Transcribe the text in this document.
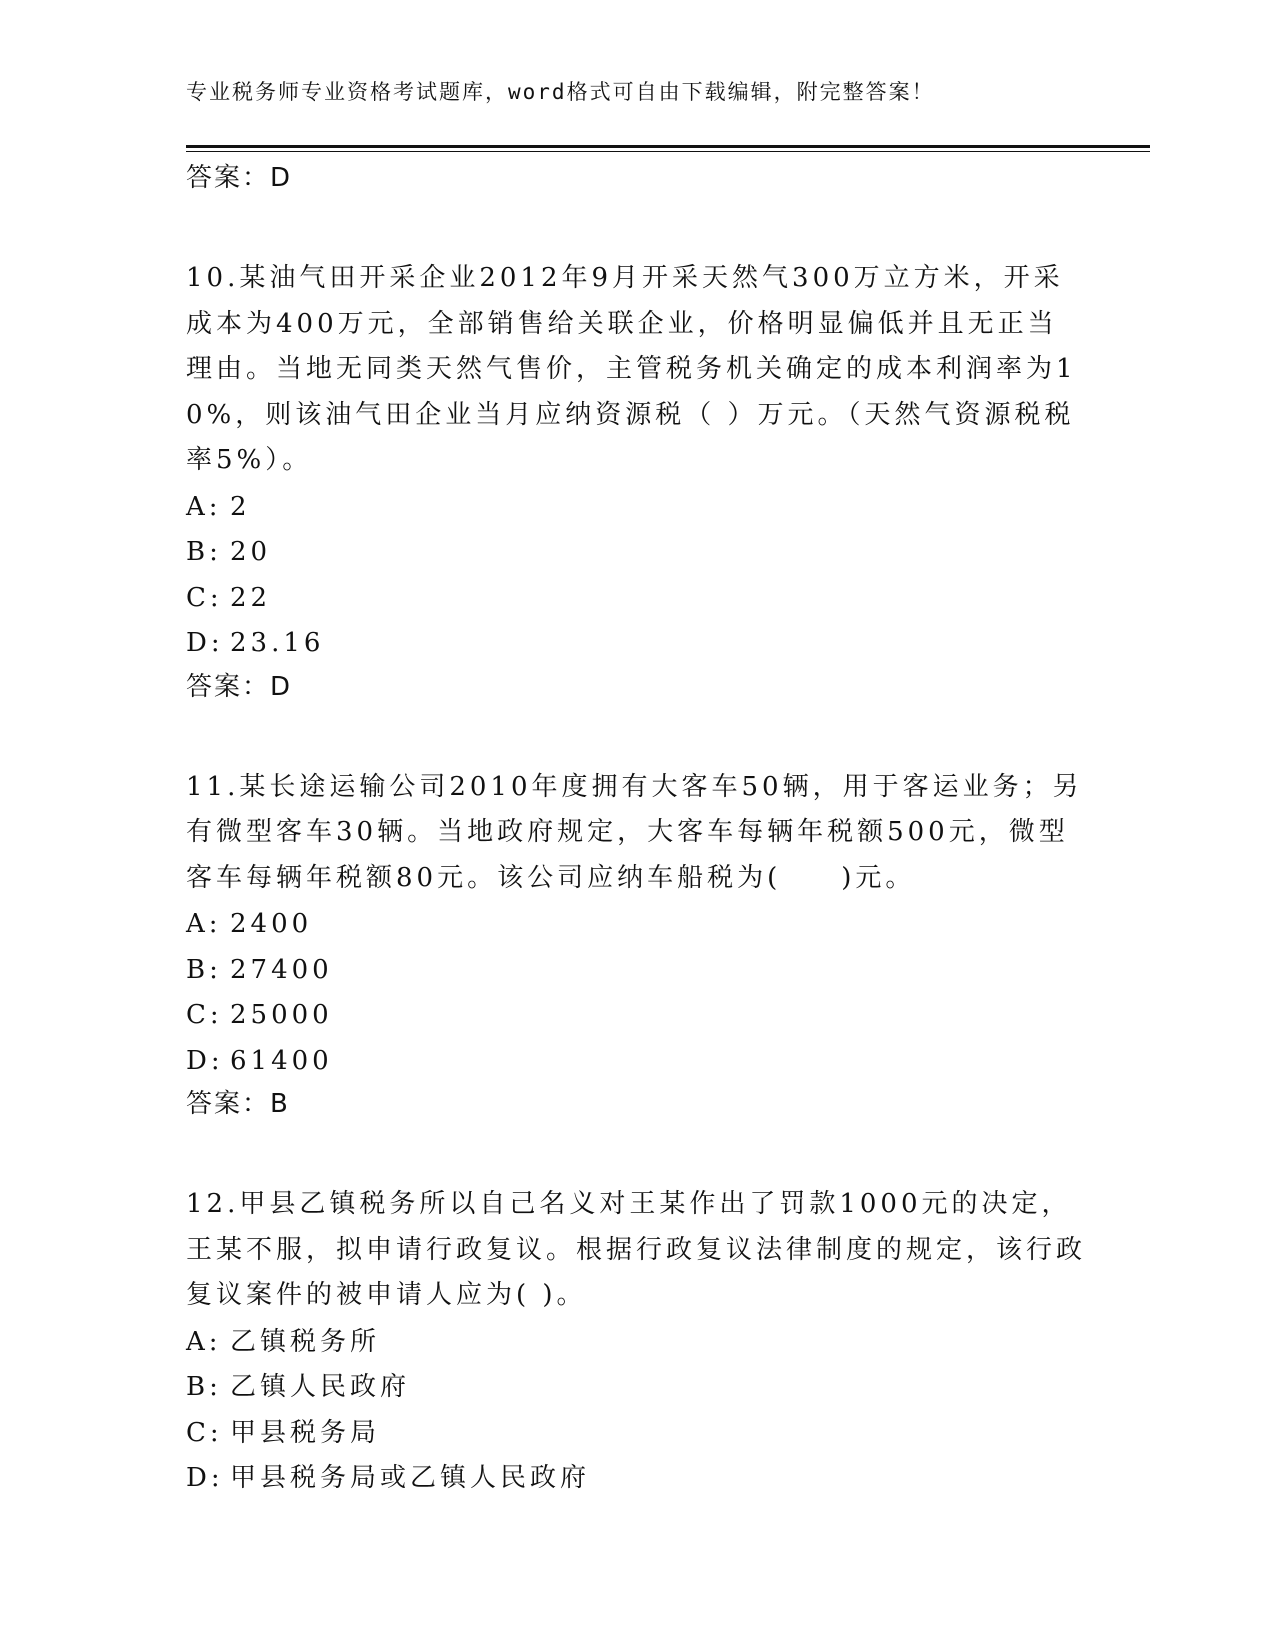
专业税务师专业资格考试题库，word格式可自由下载编辑，附完整答案！
答案：D
10.某油气田开采企业2012年9月开采天然气300万立方米，开采成本为400万元，全部销售给关联企业，价格明显偏低并且无正当理由。当地无同类天然气售价，主管税务机关确定的成本利润率为10%，则该油气田企业当月应纳资源税（ ）万元。（天然气资源税税率5%）。
A: 2
B: 20
C: 22
D: 23.16
答案：D
11.某长途运输公司2010年度拥有大客车50辆，用于客运业务；另有微型客车30辆。当地政府规定，大客车每辆年税额500元，微型客车每辆年税额80元。该公司应纳车船税为(　　)元。
A: 2400
B: 27400
C: 25000
D: 61400
答案：B
12.甲县乙镇税务所以自己名义对王某作出了罚款1000元的决定，王某不服，拟申请行政复议。根据行政复议法律制度的规定，该行政复议案件的被申请人应为( )。
A: 乙镇税务所
B: 乙镇人民政府
C: 甲县税务局
D: 甲县税务局或乙镇人民政府
